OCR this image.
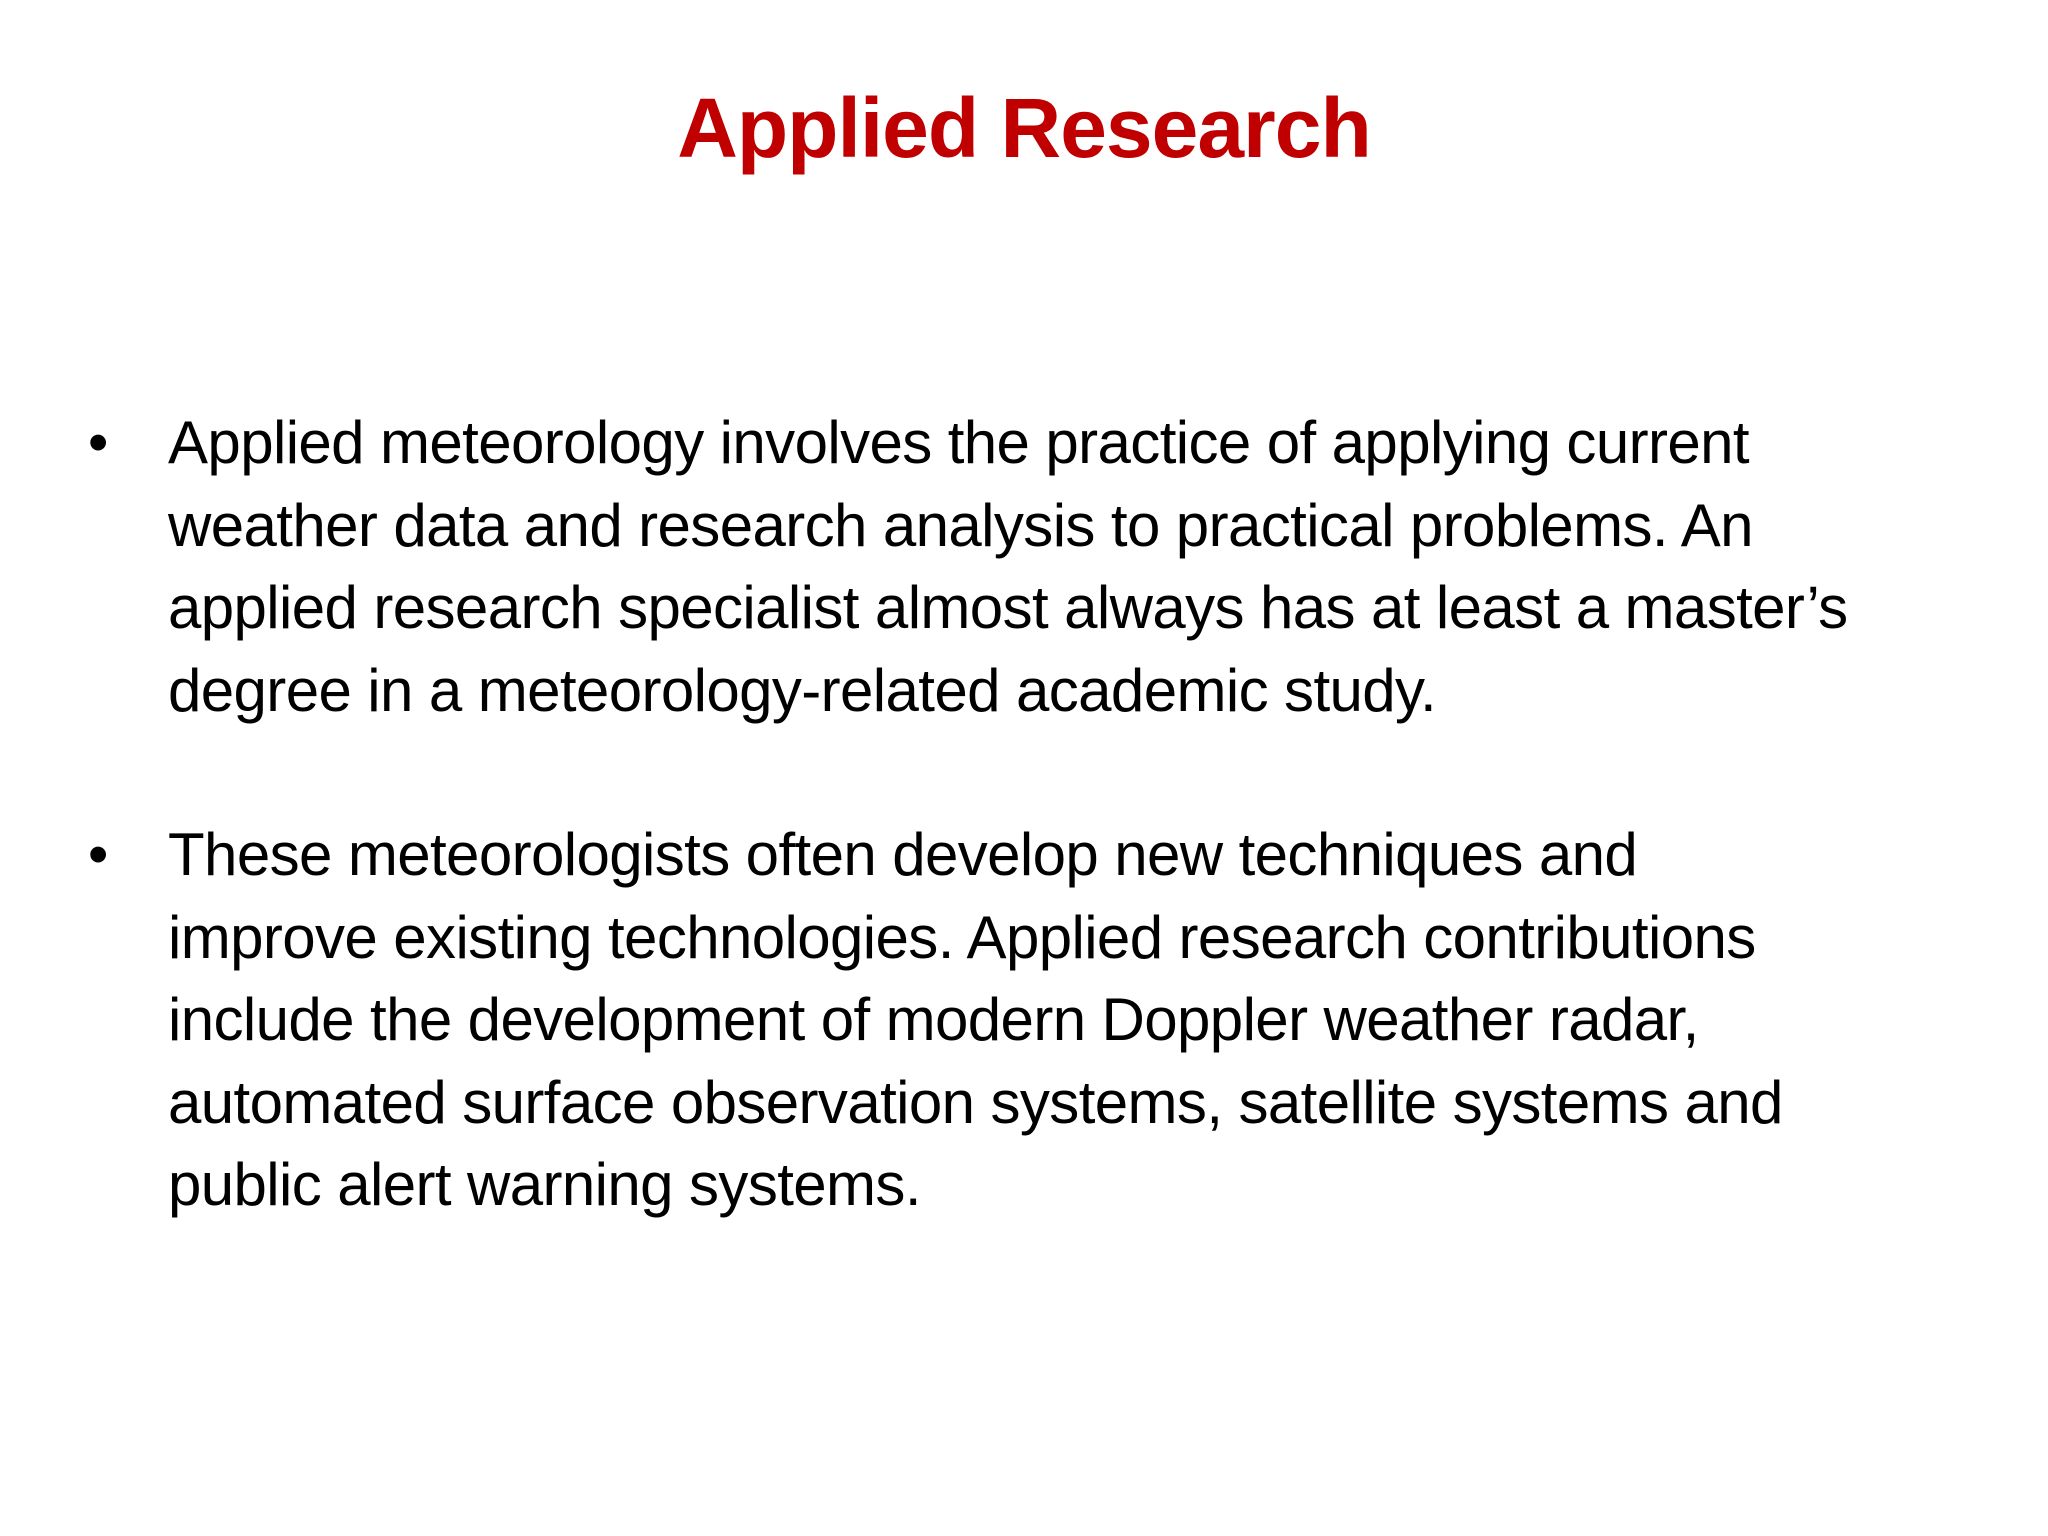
Applied Research
• Applied meteorology involves the practice of applying current
weather data and research analysis to practical problems. An
applied research specialist almost always has at least a master’s
degree in a meteorology-related academic study.
• These meteorologists often develop new techniques and
improve existing technologies. Applied research contributions
include the development of modern Doppler weather radar,
automated surface observation systems, satellite systems and
public alert warning systems.
